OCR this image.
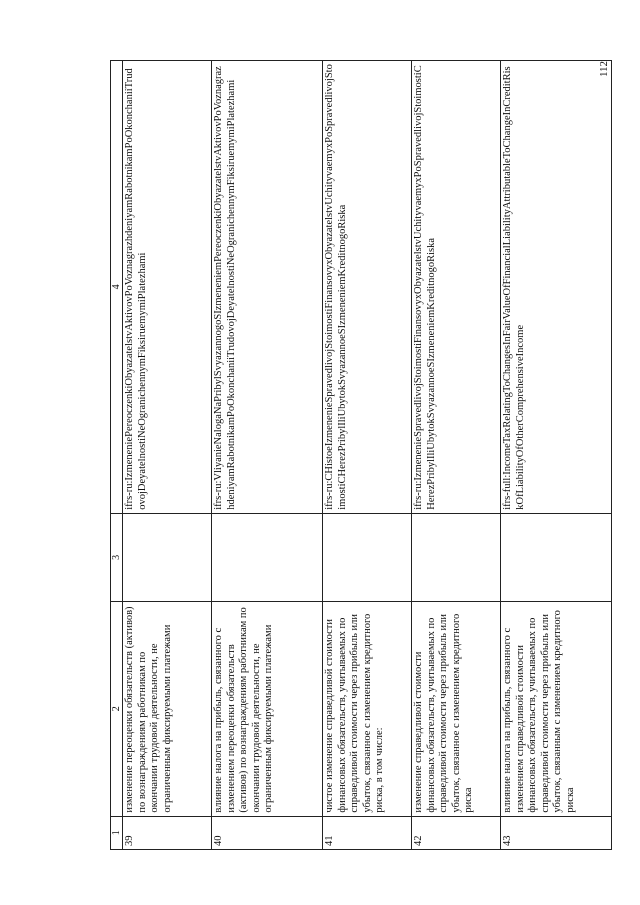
112
1	2	3	4
39	изменение переоценки обязательств (активов) по вознаграждениям работникам по окончании трудовой деятельности, не ограниченным фиксируемыми платежами		ifrs-ru:IzmeneniePereoczenkiObyazatelstvAktivovPoVoznagrazhdeniyamRabotnikamPoOkonchaniiTrudovojDeyatelnostiNeOgranichennymFiksiruemymiPlatezhami
40	влияние налога на прибыль, связанного с изменением переоценки обязательств (активов) по вознаграждениям работникам по окончании трудовой деятельности, не ограниченным фиксируемыми платежами		ifrs-ru:VliyanieNalogaNaPribylSvyazannogoSIzmeneniemPereoczenkiObyazatelstvAktivovPoVoznagrazhdeniyamRabotnikamPoOkonchaniiTrudovojDeyatelnostiNeOgranichennymFiksiruemymiPlatezhami
41	чистое изменение справедливой стоимости финансовых обязательств, учитываемых по справедливой стоимости через прибыль или убыток, связанное с изменением кредитного риска, в том числе:		ifrs-ru:CHistoeIzmenenieSpravedlivojStoimostiFinansovyxObyazatelstvUchityvaemyxPoSpravedlivojStoimostiCHerezPribylIliUbytokSvyazannoeSIzmeneniemKreditnogoRiska
42	изменение справедливой стоимости финансовых обязательств, учитываемых по справедливой стоимости через прибыль или убыток, связанное с изменением кредитного риска		ifrs-ru:IzmenenieSpravedlivojStoimostiFinansovyxObyazatelstvUchityvaemyxPoSpravedlivojStoimostiCHerezPribylIliUbytokSvyazannoeSIzmeneniemKreditnogoRiska
43	влияние налога на прибыль, связанного с изменением справедливой стоимости финансовых обязательств, учитываемых по справедливой стоимости через прибыль или убыток, связанным с изменением кредитного риска		ifrs-full:IncomeTaxRelatingToChangesInFairValueOfFinancialLiabilityAttributableToChangeInCreditRiskOfLiabilityOfOtherComprehensiveIncome
